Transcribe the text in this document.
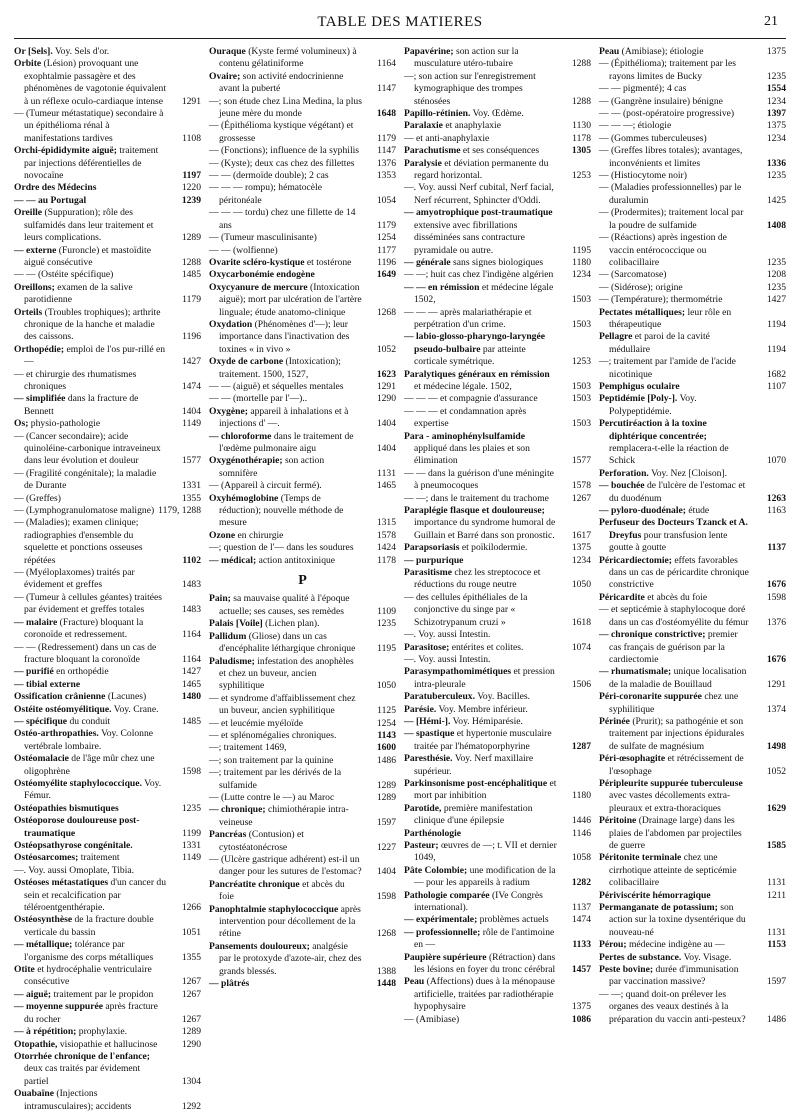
TABLE DES MATIERES	21
Or [Sels]. Voy. Sels d'or.
Orbite (Lésion) provoquant une exophtalmie passagère et des phénomènes de vagotonie équivalent à un réflexe oculo-cardiaque intense 1291
— (Tumeur métastatique) secondaire à un épithélioma rénal à manifestations tardives	1108
Orchi-épididymite aiguë; traitement par injections déférentielles de novocaïne	1197
Ordre des Médecins	1220
— — au Portugal	1239
Oreille (Suppuration); rôle des sulfamidés dans leur traitement et leurs complications.	1289
— externe (Furoncle) et mastoïdite aiguë consécutive	1288
— — (Ostéite spécifique)	1485
Oreillons; examen de la salive parotidienne	1179
Orteils (Troubles trophiques); arthrite chronique de la hanche et maladie des caissons.	1196
Orthopédie; emploi de l'os pur-rillé en —	1427
— et chirurgie des rhumatismes chroniques	1474
— simplifiée dans la fracture de Bennett	1404
Os; physio-pathologie	1149
— (Cancer secondaire); acide quinoléine-carbonique intraveineux dans leur évolution et douleur	1577
— (Fragilité congénitale); la maladie de Durante	1331
— (Greffes)	1355
— (Lymphogranulomatose maligne) 1179, 1288
— (Maladies); examen clinique; radiographies d'ensemble du squelette et ponctions osseuses répétées	1102
— (Myéloplaxomes) traités par évidement et greffes	1483
— (Tumeur à cellules géantes) traitées par évidement et greffes totales	1483
— malaire (Fracture) bloquant la coronoïde et redressement.	1164
— — (Redressement) dans un cas de fracture bloquant la coronoïde	1164
— purifié en orthopédie	1427
— tibial externe	1465
Ossification crânienne (Lacunes)	1480
Ostéite ostéomyélitique. Voy. Crane.
— spécifique du conduit	1485
Ostéo-arthropathies. Voy. Colonne vertébrale lombaire.
Ostéomalacie de l'âge mûr chez une oligophrène	1598
Ostéomyélite staphylococcique. Voy. Fémur.
Ostéopathies bismutiques	1235
Ostéoporose douloureuse post-traumatique	1199
Ostéopsathyrose congénitale.	1331
Ostéosarcomes; traitement	1149
—. Voy. aussi Omoplate, Tibia.
Ostéoses métastatiques d'un cancer du sein et recalcification par téléroentgenthérapie.	1266
Ostéosynthèse de la fracture double verticale du bassin	1051
— métallique; tolérance par l'organisme des corps métalliques	1355
Otite et hydrocéphalie ventriculaire consécutive	1267
— aiguë; traitement par le propidon	1267
— moyenne suppurée après fracture du rocher	1267
— à répétition; prophylaxie.	1289
Otopathie, visiopathie et hallucinose	1290
Otorrhée chronique de l'enfance; deux cas traités par évidement partiel	1304
Ouabaïne (Injections intramusculaires); accidents	1292
Ouraque (Kyste fermé volumineux) à contenu gélatiniforme	1164
Ovaire; son activité endocrinienne avant la puberté	1147
—; son étude chez Lina Medina, la plus jeune mère du monde	1648
— (Épithélioma kystique végétant) et grossesse	1179
— (Fonctions); influence de la syphilis 1147
— (Kyste); deux cas chez des fillettes 1376
— — (dermoïde double); 2 cas	1353
— — — rompu); hématocèle péritonéale	1054
— — — tordu) chez une fillette de 14 ans	1179
— (Tumeur masculinisante)	1254
— — (wolfienne)	1177
Ovarite scléro-kystique et tostérone	1196
Oxycarbonémie endogène	1649
Oxycyanure de mercure (Intoxication aiguë); mort par ulcération de l'artère linguale; étude anatomo-clinique	1268
Oxydation (Phénomènes d'—); leur importance dans l'inactivation des toxines « in vivo »	1052
Oxyde de carbone (Intoxication); traitement. 1500, 1527,	1623
— — (aiguë) et séquelles mentales	1291
— — (mortelle par l'—)..	1290
Oxygène; appareil à inhalations et à injections d' —.	1404
— chloroforme dans le traitement de l'œdème pulmonaire aigu	1404
Oxygénothérapie; son action somnifère	1131
— (Appareil à circuit fermé).	1465
Oxyhémoglobine (Temps de réduction); nouvelle méthode de mesure	1315
Ozone en chirurgie	1578
—; question de l'— dans les soudures 1424
— médical; action antitoxinique	1178
P
Pain; sa mauvaise qualité à l'époque actuelle; ses causes, ses remèdes	1109
Palais [Voile] (Lichen plan).	1235
Pallidum (Gliose) dans un cas d'encéphalite léthargique chronique 1195
Paludisme; infestation des anophèles et chez un buveur, ancien syphilitique	1050
— et syndrome d'affaiblissement chez un buveur, ancien syphilitique	1125
— et leucémie myéloïde	1254
— et splénomégalies chroniques.	1143
—; traitement 1469,	1600
—; son traitement par la quinine	1486
—; traitement par les dérivés de la sulfamide	1289
— (Lutte contre le —) au Maroc	1289
— chronique; chimiothérapie intra-veineuse	1597
Pancréas (Contusion) et cytostéatonécrose	1227
— (Ulcère gastrique adhérent) est-il un danger pour les sutures de l'estomac? 1404
Pancréatite chronique et abcès du foie	1598
Panophtalmie staphylococcique après intervention pour décollement de la rétine	1268
Pansements douloureux; analgésie par le protoxyde d'azote-air, chez des grands blessés.	1388
— plâtrés	1448
Papavérine; son action sur la musculature utéro-tubaire	1288
—; son action sur l'enregistrement kymographique des trompes sténosées	1288
Papillo-rétinien. Voy. Œdème.
Paralaxie et anaphylaxie	1130
— et anti-anaphylaxie	1178
Parachutisme et ses conséquences	1305
Paralysie et déviation permanente du regard horizontal.	1253
—. Voy. aussi Nerf cubital, Nerf facial, Nerf récurrent, Sphincter d'Oddi.
— amyotrophique post-traumatique extensive avec fibrillations disséminées sans contracture pyramidale ou autre.	1195
— générale sans signes biologiques	1180
— —; huit cas chez l'indigène algérien 1234
— — en rémission et médecine légale 1502,	1503
— — — après malariathérapie et perpétration d'un crime.	1503
— labio-glosso-pharyngo-laryngée pseudo-bulbaire par atteinte corticale symétrique.	1253
Paralytiques généraux en rémission et médecine légale. 1502,	1503
— — — et compagnie d'assurance	1503
— — — et condamnation après expertise	1503
Para - aminophénylsulfamide appliqué dans les plaies et son élimination	1577
— — dans la guérison d'une méningite à pneumocoques	1578
— —; dans le traitement du trachome 1267
Paraplégie flasque et douloureuse; importance du syndrome humoral de Guillain et Barré dans son pronostic. 1617
Parapsoriasis et poïkilodermie.	1375
— purpurique	1234
Parasitisme chez les streptococe et réductions du rouge neutre	1050
— des cellules épithéliales de la conjonctive du singe par « Schizotrypanum cruzi »	1618
—. Voy. aussi Intestin.
Parasitose; entérites et colites.	1074
—. Voy. aussi Intestin.
Parasympathomimétiques et pression intra-pleurale	1506
Paratuberculeux. Voy. Bacilles.
Parésie. Voy. Membre inférieur.
— [Hémi-]. Voy. Hémiparésie.
— spastique et hypertonie musculaire traitée par l'hématoporphyrine	1287
Paresthésie. Voy. Nerf maxillaire supérieur.
Parkinsonisme post-encéphalitique et mort par inhibition	1180
Parotide, première manifestation clinique d'une épilepsie	1446
Parthénologie	1146
Pasteur; œuvres de —; t. VII et dernier 1049,	1058
Pâte Colombie; une modification de la — pour les appareils à radium	1282
Pathologie comparée (IVe Congrès international).	1137
— expérimentale; problèmes actuels 1474
— professionnelle; rôle de l'antimoine en —	1133
Paupière supérieure (Rétraction) dans les lésions en foyer du tronc cérébral 1457
Peau (Affections) dues à la ménopause artificielle, traitées par radiothérapie hypophysaire	1375
— (Amibiase)	1086
Peau (Amibiase); étiologie	1375
— (Épithélioma); traitement par les rayons limites de Bucky	1235
— — pigmenté); 4 cas	1554
— (Gangrène insulaire) bénigne	1234
— — (post-opératoire progressive)	1397
— — —; étiologie	1375
— (Gommes tuberculeuses)	1234
— (Greffes libres totales); avantages, inconvénients et limites	1336
— (Histiocytome noir)	1235
— (Maladies professionnelles) par le duralumin	1425
— (Prodermites); traitement local par la poudre de sulfamide	1408
— (Réactions) après ingestion de vaccin entérococcique ou colibacillaire	1235
— (Sarcomatose)	1208
— (Sidérose); origine	1235
— (Température); thermométrie	1427
Pectates métalliques; leur rôle en thérapeutique	1194
Pellagre et paroi de la cavité médullaire	1194
—; traitement par l'amide de l'acide nicotinique	1682
Pemphigus oculaire	1107
Peptidémie [Poly-]. Voy. Polypeptidémie.
Percutiréaction à la toxine diphtérique concentrée; remplacera-t-elle la réaction de Schick	1070
Perforation. Voy. Nez [Cloison].
— bouchée de l'ulcère de l'estomac et du duodénum	1263
— pyloro-duodénale; étude	1163
Perfuseur des Docteurs Tzanck et A. Dreyfus pour transfusion lente goutte à goutte	1137
Péricardiectomie; effets favorables dans un cas de péricardite chronique constrictive	1676
Péricardite et abcès du foie	1598
— et septicémie à staphylocoque doré dans un cas d'ostéomyélite du fémur 1376
— chronique constrictive; premier cas français de guérison par la cardiectomie	1676
— rhumatismale; unique localisation de la maladie de Bouillaud	1291
Péri-coronarite suppurée chez une syphilitique	1374
Périnée (Prurit); sa pathogénie et son traitement par injections épidurales de sulfate de magnésium	1498
Péri-œsophagite et rétrécissement de l'œsophage	1052
Péripleurite suppurée tuberculeuse avec vastes décollements extra-pleuraux et extra-thoraciques	1629
Péritoine (Drainage large) dans les plaies de l'abdomen par projectiles de guerre	1585
Péritonite terminale chez une cirrhotique atteinte de septicémie colibacillaire	1131
Périviscérite hémorragique	1211
Permanganate de potassium; son action sur la toxine dysentérique du nouveau-né	1131
Pérou; médecine indigène au —	1153
Pertes de substance. Voy. Visage.
Peste bovine; durée d'immunisation par vaccination massive?	1597
— —; quand doit-on prélever les organes des veaux destinés à la préparation du vaccin anti-pesteux? 1486
